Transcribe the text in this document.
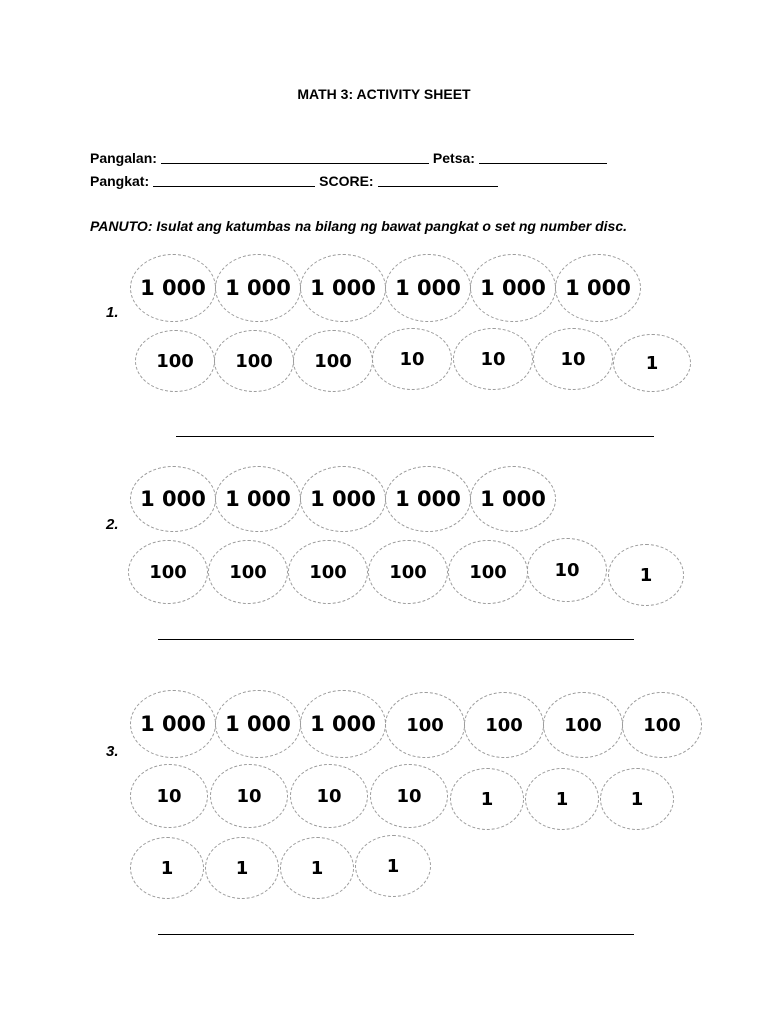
MATH 3: ACTIVITY SHEET
Pangalan:	Petsa:
Pangkat:	SCORE:
PANUTO: Isulat ang katumbas na bilang ng bawat pangkat o set ng number disc.
1.
1 000 1 000 1 000 1 000 1 000 1 000
100	100	100	10	10	10	1
2.
1 000 1 000 1 000 1 000 1 000
100	100	100	100	100	10	1
3.
1 000 1 000 1 000	100	100	100	100
10	10	10	10	1	1	1
1	1	1	1
